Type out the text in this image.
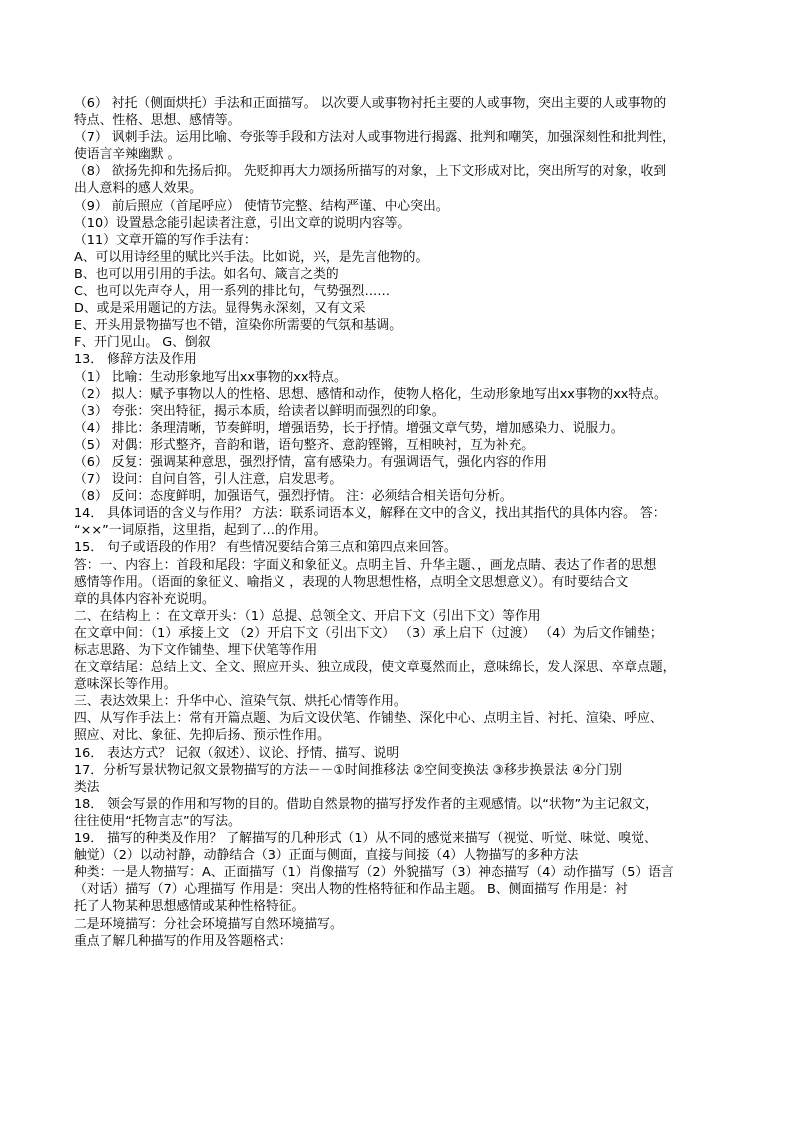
（6） 衬托（侧面烘托）手法和正面描写。 以次要人或事物衬托主要的人或事物，突出主要的人或事物的

特点、性格、思想、感情等。

（7） 讽刺手法。运用比喻、夸张等手段和方法对人或事物进行揭露、批判和嘲笑，加强深刻性和批判性，

使语言辛辣幽默 。

（8） 欲扬先抑和先扬后抑。 先贬抑再大力颂扬所描写的对象，上下文形成对比，突出所写的对象，收到

出人意料的感人效果。

（9） 前后照应（首尾呼应） 使情节完整、结构严谨、中心突出。

（10）设置悬念能引起读者注意，引出文章的说明内容等。

（11）文章开篇的写作手法有：

A、可以用诗经里的赋比兴手法。比如说，兴，是先言他物的。

B、也可以用引用的手法。如名句、箴言之类的

C、也可以先声夺人，用一系列的排比句，气势强烈……

D、或是采用题记的方法。显得隽永深刻，又有文采

E、开头用景物描写也不错，渲染你所需要的气氛和基调。

F、开门见山。 G、倒叙

13． 修辞方法及作用

（1） 比喻：生动形象地写出xx事物的xx特点。

（2） 拟人：赋予事物以人的性格、思想、感情和动作，使物人格化，生动形象地写出xx事物的xx特点。

（3） 夸张：突出特征，揭示本质，给读者以鲜明而强烈的印象。

（4） 排比：条理清晰，节奏鲜明，增强语势，长于抒情。增强文章气势，增加感染力、说服力。

（5） 对偶：形式整齐，音韵和谐，语句整齐、意韵铿锵，互相映衬，互为补充。

（6） 反复：强调某种意思，强烈抒情，富有感染力。有强调语气，强化内容的作用

（7） 设问：自问自答，引人注意，启发思考。

（8） 反问：态度鲜明，加强语气，强烈抒情。 注：必须结合相关语句分析。

14． 具体词语的含义与作用？ 方法：联系词语本义，解释在文中的含义，找出其指代的具体内容。 答：

“××”一词原指，这里指，起到了…的作用。

15． 句子或语段的作用？ 有些情况要结合第三点和第四点来回答。

答：一、内容上：首段和尾段：字面义和象征义。点明主旨、升华主题、，画龙点睛、表达了作者的思想

感情等作用。（语面的象征义、喻指义 ，表现的人物思想性格，点明全文思想意义）。有时要结合文

章的具体内容补充说明。

二、在结构上 ：在文章开头：（1）总提、总领全文、开启下文（引出下文）等作用

在文章中间：（1）承接上文 （2）开启下文（引出下文） （3）承上启下（过渡） （4）为后文作铺垫；

标志思路、为下文作铺垫、埋下伏笔等作用

在文章结尾：总结上文、全文、照应开头、独立成段，使文章戛然而止，意味绵长，发人深思、卒章点题，

意味深长等作用。

三、表达效果上：升华中心、渲染气氛、烘托心情等作用。

四、从写作手法上：常有开篇点题、为后文设伏笔、作铺垫、深化中心、点明主旨、衬托、渲染、呼应、

照应、对比、象征、先抑后扬、预示性作用。

16． 表达方式？ 记叙（叙述）、议论、抒情、描写、说明

17．分析写景状物记叙文景物描写的方法－－①时间推移法 ②空间变换法 ③移步换景法 ④分门别

类法

18． 领会写景的作用和写物的目的。借助自然景物的描写抒发作者的主观感情。以“状物”为主记叙文，

往往使用“托物言志”的写法。

19． 描写的种类及作用？ 了解描写的几种形式（1）从不同的感觉来描写（视觉、听觉、味觉、嗅觉、

触觉）（2）以动衬静，动静结合（3）正面与侧面，直接与间接（4）人物描写的多种方法

种类：一是人物描写：A、正面描写（1）肖像描写（2）外貌描写（3）神态描写（4）动作描写（5）语言

（对话）描写（7）心理描写 作用是：突出人物的性格特征和作品主题。 B、侧面描写 作用是：衬

托了人物某种思想感情或某种性格特征。

二是环境描写：分社会环境描写自然环境描写。

重点了解几种描写的作用及答题格式：
